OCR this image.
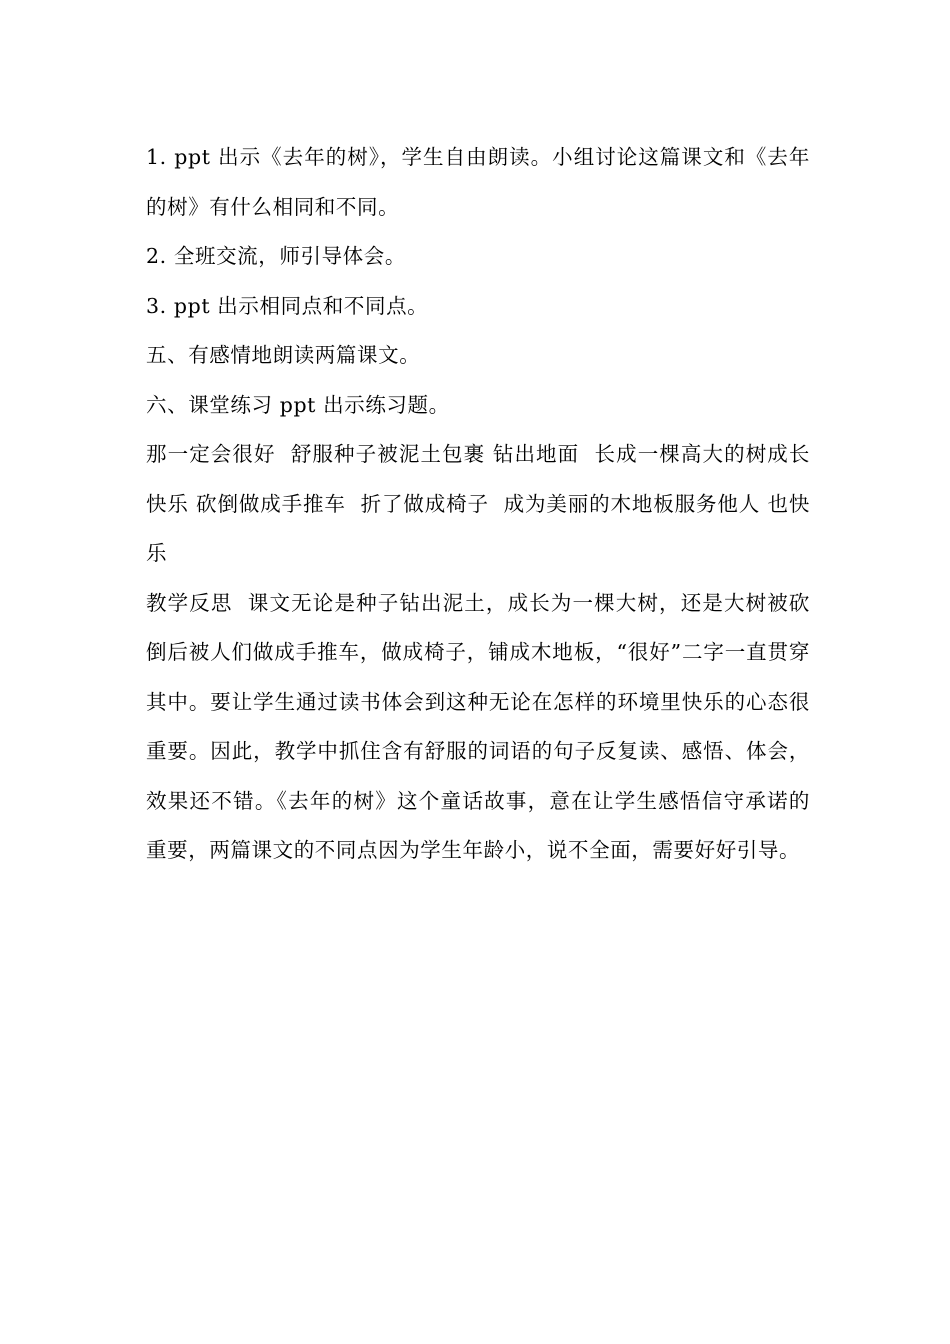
1. ppt 出示《去年的树》，学生自由朗读。小组讨论这篇课文和《去年的树》有什么相同和不同。

2. 全班交流，师引导体会。

3. ppt 出示相同点和不同点。

五、有感情地朗读两篇课文。

六、课堂练习 ppt 出示练习题。

那一定会很好  舒服种子被泥土包裹 钻出地面  长成一棵高大的树成长快乐 砍倒做成手推车  折了做成椅子  成为美丽的木地板服务他人 也快乐

教学反思  课文无论是种子钻出泥土，成长为一棵大树，还是大树被砍倒后被人们做成手推车，做成椅子，铺成木地板，“很好”二字一直贯穿其中。要让学生通过读书体会到这种无论在怎样的环境里快乐的心态很重要。因此，教学中抓住含有舒服的词语的句子反复读、感悟、体会，效果还不错。《去年的树》这个童话故事，意在让学生感悟信守承诺的重要，两篇课文的不同点因为学生年龄小，说不全面，需要好好引导。
